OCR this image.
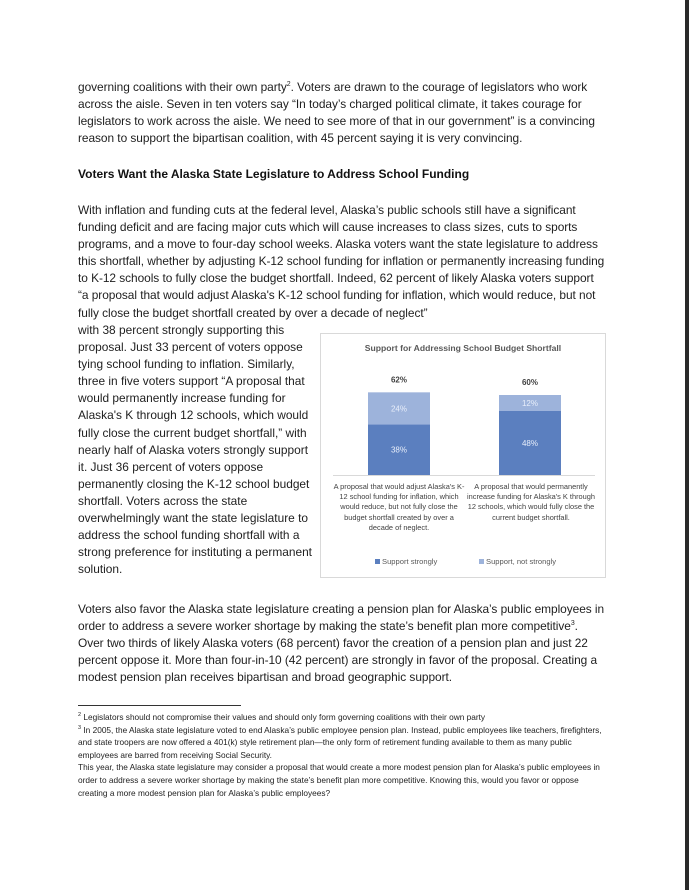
governing coalitions with their own party$^2$. Voters are drawn to the courage of legislators who work across the aisle. Seven in ten voters say “In today’s charged political climate, it takes courage for legislators to work across the aisle. We need to see more of that in our government” is a convincing reason to support the bipartisan coalition, with 45 percent saying it is very convincing.

Voters Want the Alaska State Legislature to Address School Funding

With inflation and funding cuts at the federal level, Alaska’s public schools still have a significant funding deficit and are facing major cuts which will cause increases to class sizes, cuts to sports programs, and a move to four-day school weeks. Alaska voters want the state legislature to address this shortfall, whether by adjusting K-12 school funding for inflation or permanently increasing funding to K-12 schools to fully close the budget shortfall. Indeed, 62 percent of likely Alaska voters support “a proposal that would adjust Alaska's K-12 school funding for inflation, which would reduce, but not fully close the budget shortfall created by over a decade of neglect”

with 38 percent strongly supporting this proposal. Just 33 percent of voters oppose tying school funding to inflation. Similarly, three in five voters support “A proposal that would permanently increase funding for Alaska's K through 12 schools, which would fully close the current budget shortfall,” with nearly half of Alaska voters strongly support it. Just 36 percent of voters oppose permanently closing the K-12 school budget shortfall. Voters across the state overwhelmingly want the state legislature to address the school funding shortfall with a strong preference for instituting a permanent solution.

Support for Addressing School Budget Shortfall
38%
24%
62%
48%
12%
60%
A proposal that would adjust Alaska's K-12 school funding for inflation, which would reduce, but not fully close the budget shortfall created by over a decade of neglect.
A proposal that would permanently increase funding for Alaska's K through 12 schools, which would fully close the current budget shortfall.
Support strongly	Support, not strongly

Voters also favor the Alaska state legislature creating a pension plan for Alaska’s public employees in order to address a severe worker shortage by making the state’s benefit plan more competitive$^3$. Over two thirds of likely Alaska voters (68 percent) favor the creation of a pension plan and just 22 percent oppose it. More than four-in-10 (42 percent) are strongly in favor of the proposal. Creating a modest pension plan receives bipartisan and broad geographic support.

$^2$ Legislators should not compromise their values and should only form governing coalitions with their own party

$^3$ In 2005, the Alaska state legislature voted to end Alaska’s public employee pension plan. Instead, public employees like teachers, firefighters, and state troopers are now offered a 401(k) style retirement plan—the only form of retirement funding available to them as many public employees are barred from receiving Social Security.

This year, the Alaska state legislature may consider a proposal that would create a more modest pension plan for Alaska’s public employees in order to address a severe worker shortage by making the state’s benefit plan more competitive. Knowing this, would you favor or oppose creating a more modest pension plan for Alaska’s public employees?
